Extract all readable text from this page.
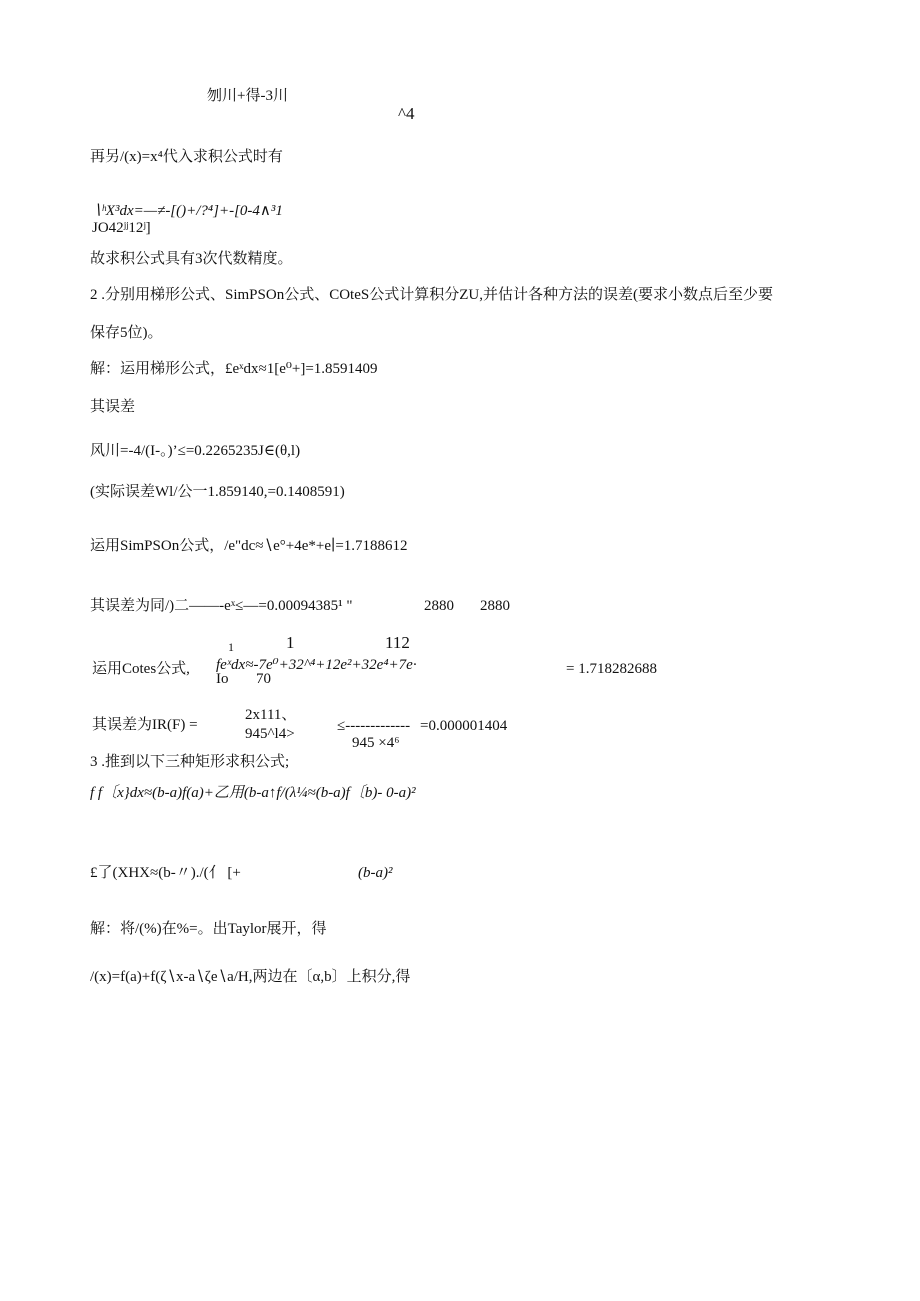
刎川+得-3川
^4
再另/(x)=x⁴代入求积公式时有
∖ʰX³dx=—≠-[()+/?⁴]+-[0-4∧³1
JO42ʲʲ12ʲ]
故求积公式具有3次代数精度。
2 .分别用梯形公式、SimPSOn公式、COteS公式计算积分ZU,并估计各种方法的误差(要求小数点后至少要
保存5位)。
解：运用梯形公式，£eˣdx≈1[e⁰+]=1.8591409
其误差
风川=-4/(I-。)’≤=0.2265235J∈(θ,l)
(实际误差Wl/公一1.859140,=0.1408591)
运用SimPSOn公式，/e"dc≈∖e°+4e*+e∣=1.7188612
其误差为同/)二——-eˣ≤—=0.00094385¹ "	2880 2880
1	1	112
运用Cotes公式, feˣdx≈-7e⁰+32^⁴+12e²+32e⁴+7e·	= 1.718282688
Io 70
2x111、
其误差为IR(F) =	≤------------- =0.000001404
945^l4>
945 ×4⁶
3 .推到以下三种矩形求积公式;
f f〔x}dx≈(b-a)f(a)+乙用(b-a↑f/(λ¼≈(b-a)f〔b)- 0-a)²
£了(XHX≈(b-〃)./(亻 [+	(b-a)²
解：将/(%)在%=。出Taylor展开，得
/(x)=f(a)+f(ζ∖x-a∖ζe∖a/H,两边在〔α,b〕上积分,得
